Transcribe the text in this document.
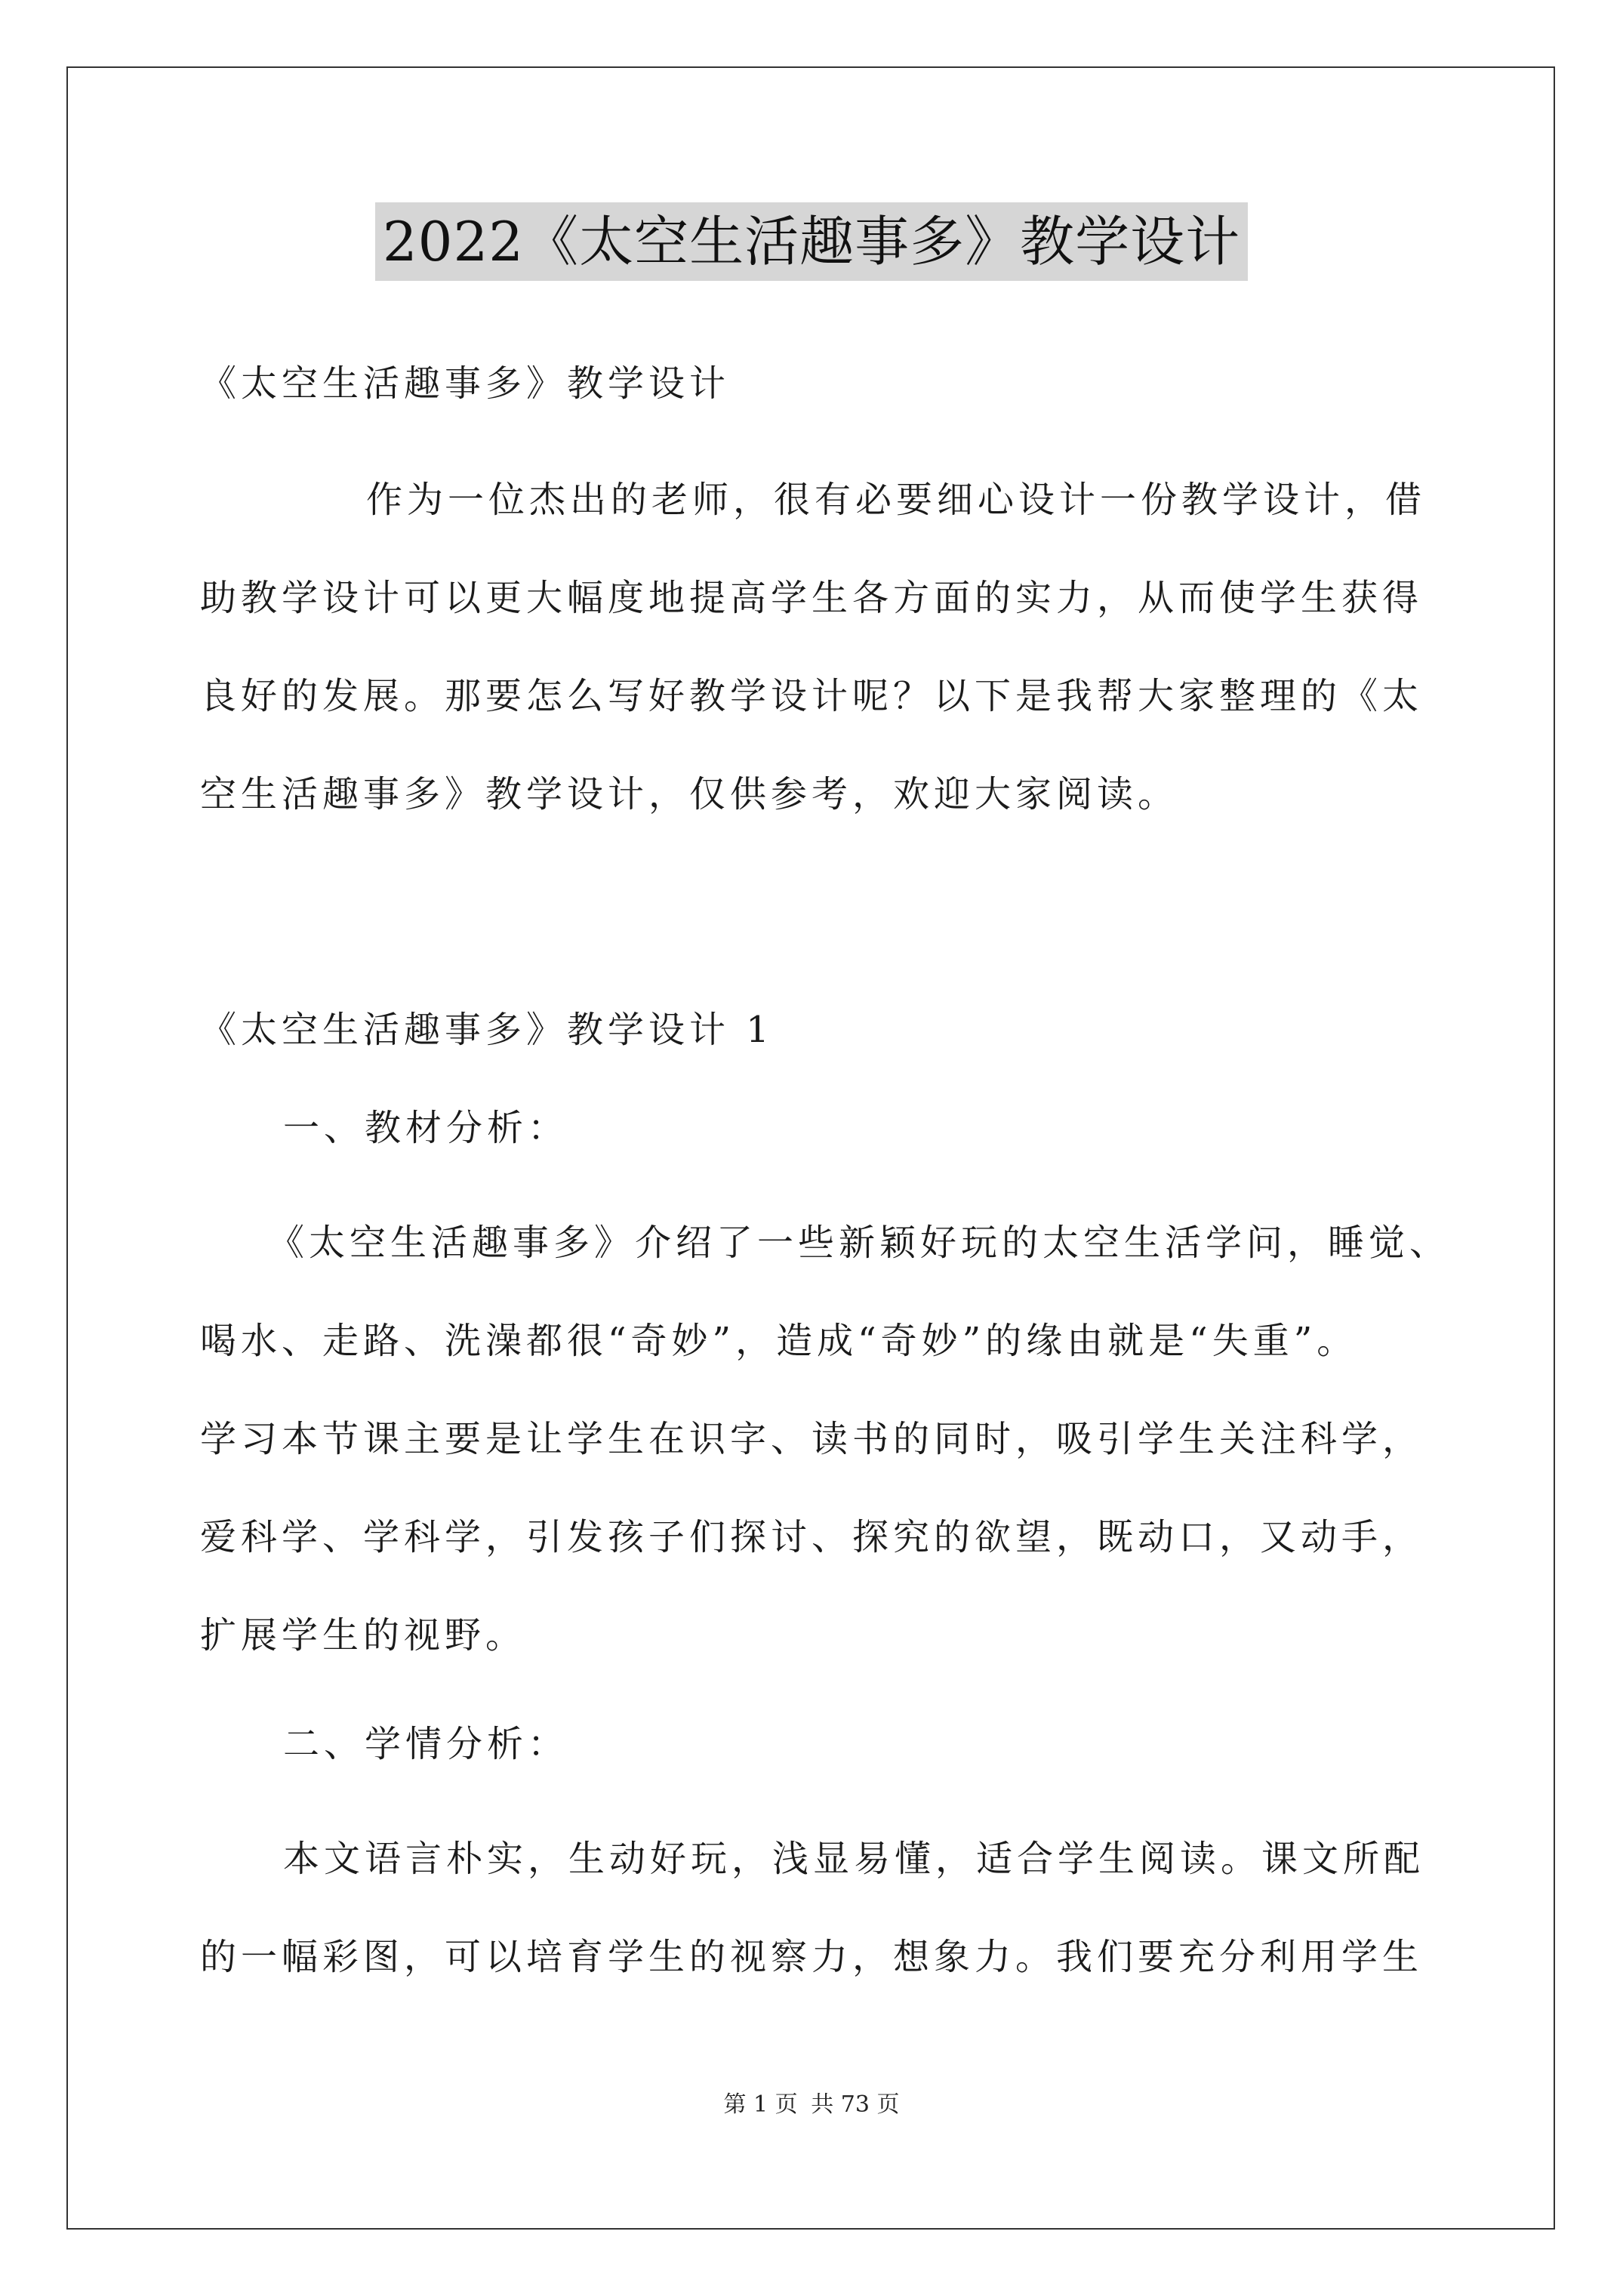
2022《太空生活趣事多》教学设计
《太空生活趣事多》教学设计
作为一位杰出的老师，很有必要细心设计一份教学设计，借
助教学设计可以更大幅度地提高学生各方面的实力，从而使学生获得
良好的发展。那要怎么写好教学设计呢？以下是我帮大家整理的《太
空生活趣事多》教学设计，仅供参考，欢迎大家阅读。
《太空生活趣事多》教学设计 1
一、教材分析：
《太空生活趣事多》介绍了一些新颖好玩的太空生活学问，睡觉、
喝水、走路、洗澡都很“奇妙”，造成“奇妙”的缘由就是“失重”。
学习本节课主要是让学生在识字、读书的同时，吸引学生关注科学，
爱科学、学科学，引发孩子们探讨、探究的欲望，既动口，又动手，
扩展学生的视野。
二、学情分析：
本文语言朴实，生动好玩，浅显易懂，适合学生阅读。课文所配
的一幅彩图，可以培育学生的视察力，想象力。我们要充分利用学生
第 1 页 共 73 页
